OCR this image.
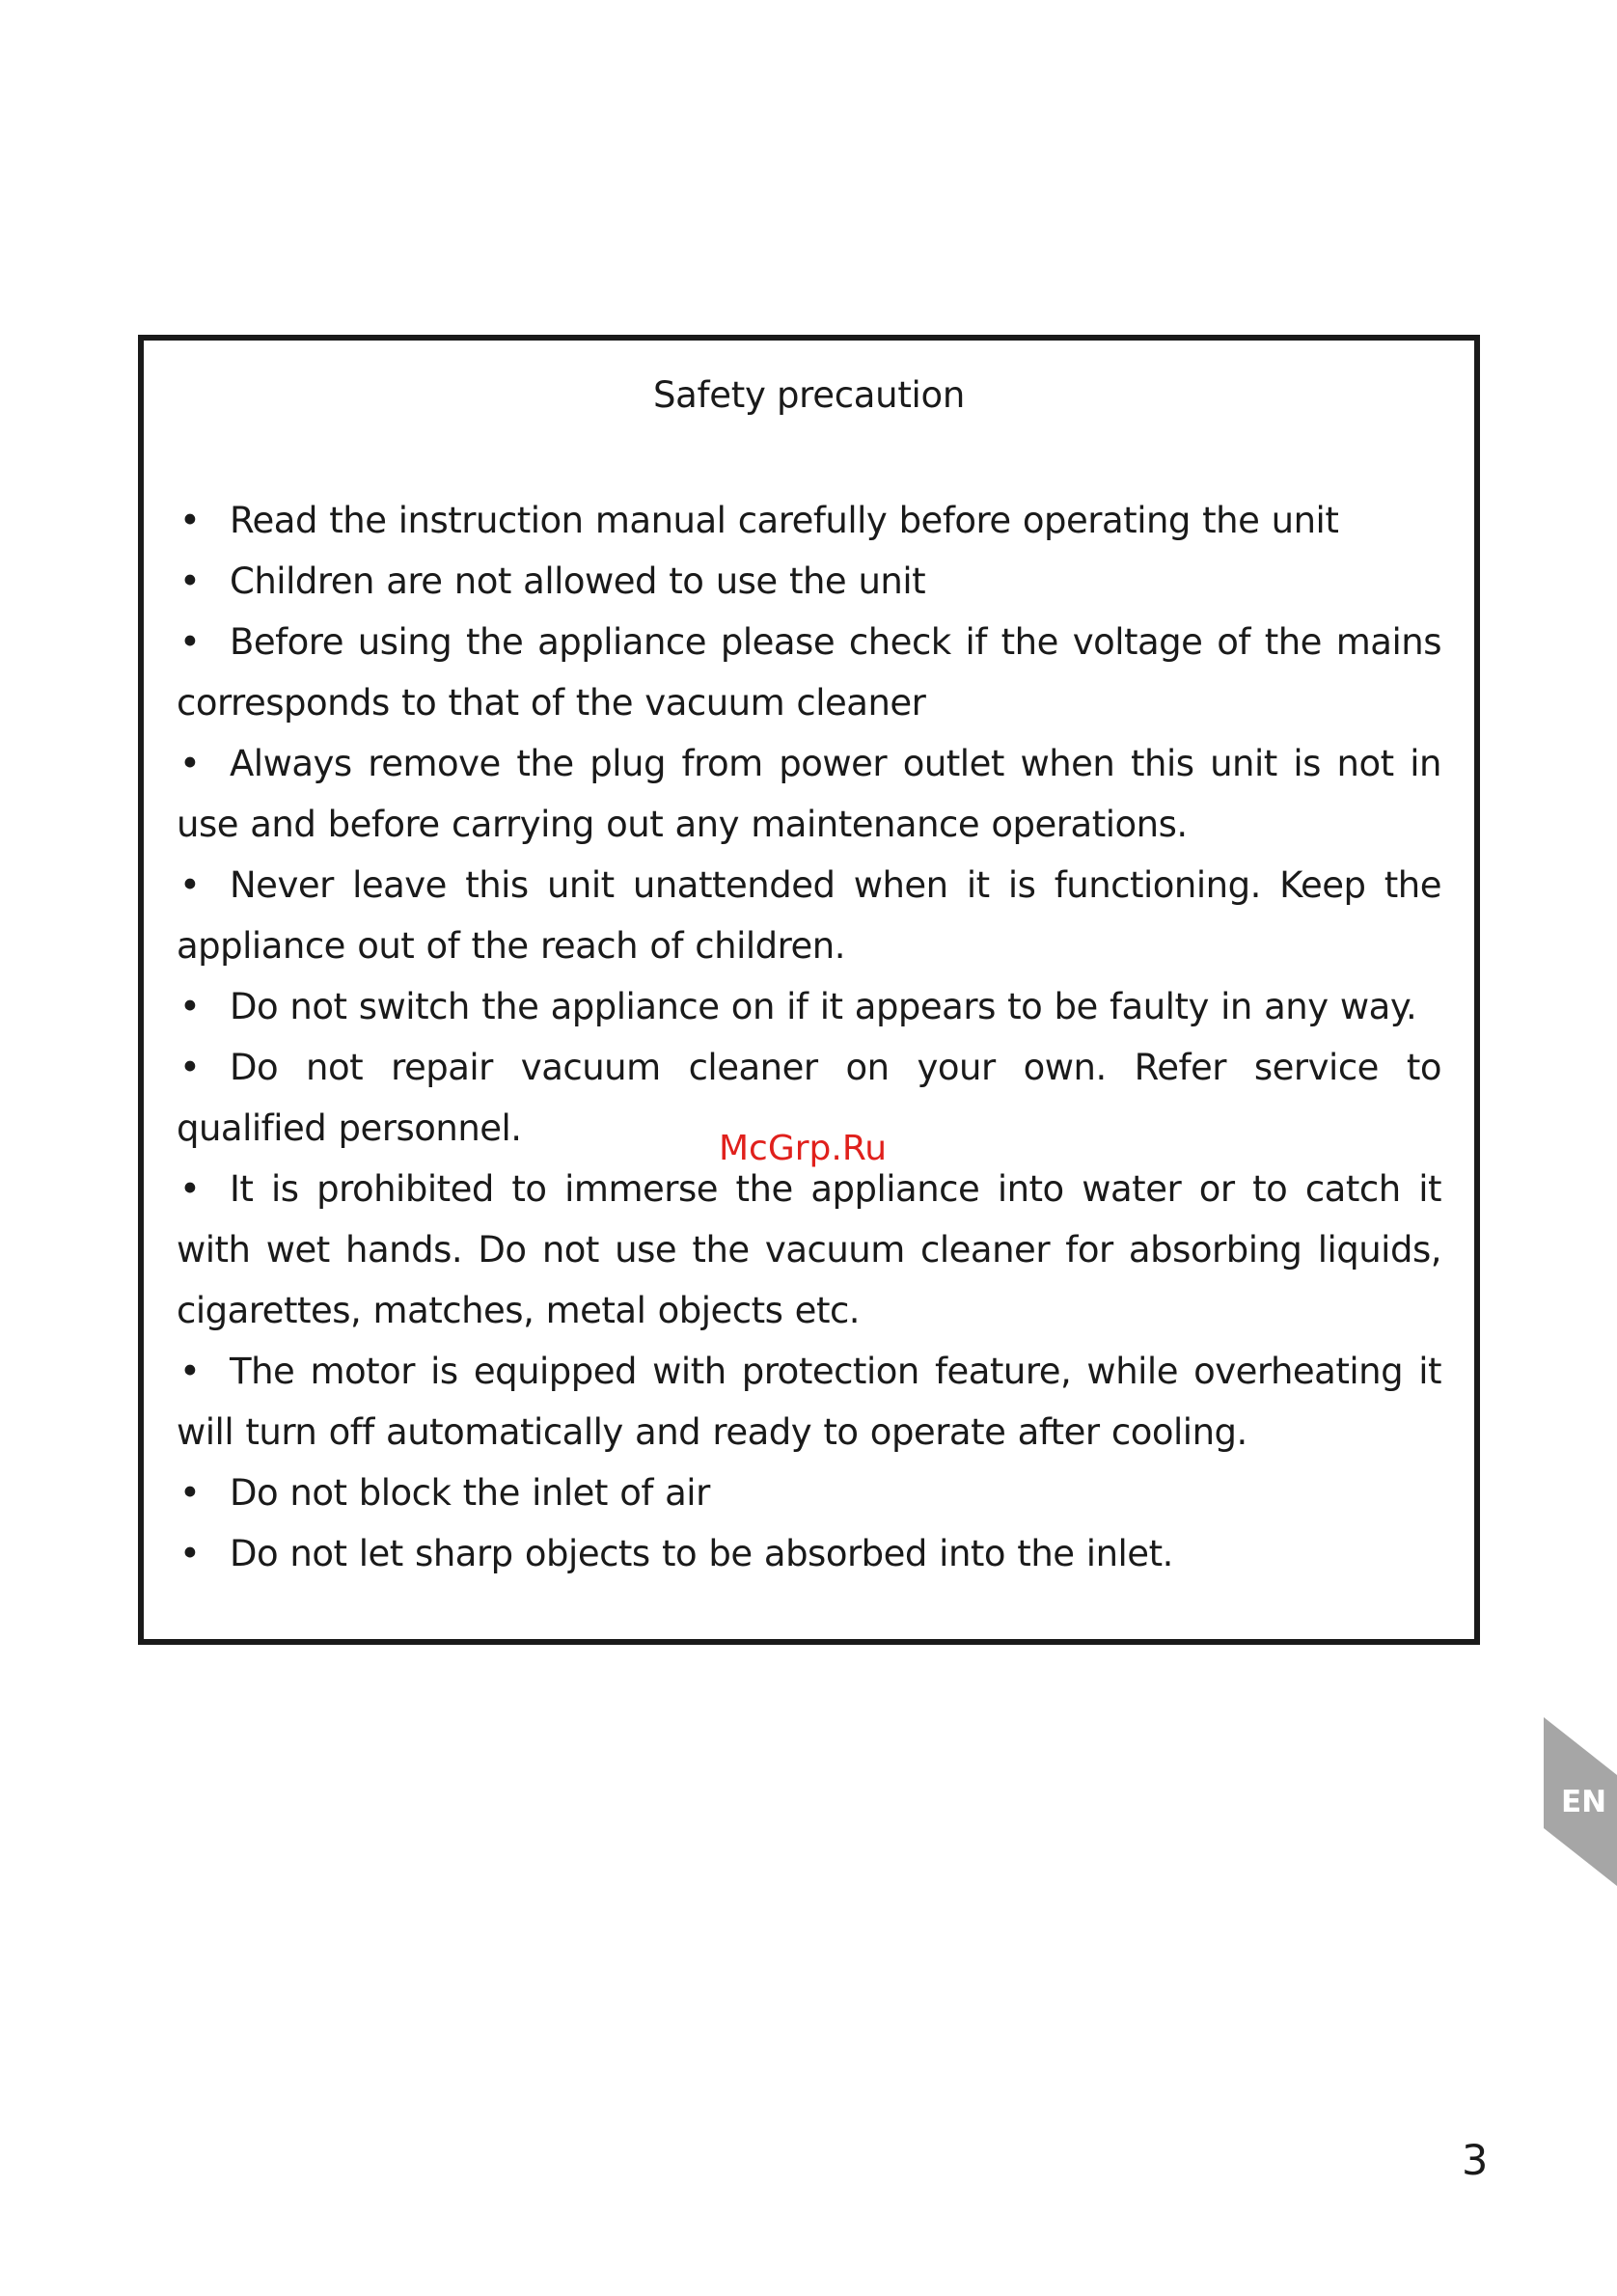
Safety precaution
• Read the instruction manual carefully before operating the unit
• Children are not allowed to use the unit
• Before using the appliance please check if the voltage of the mains corresponds to that of the vacuum cleaner
• Always remove the plug from power outlet when this unit is not in use and before carrying out any maintenance operations.
• Never leave this unit unattended when it is functioning. Keep the appliance out of the reach of children.
• Do not switch the appliance on if it appears to be faulty in any way.
• Do not repair vacuum cleaner on your own. Refer service to qualified personnel.
• It is prohibited to immerse the appliance into water or to catch it with wet hands. Do not use the vacuum cleaner for absorbing liquids, cigarettes, matches, metal objects etc.
• The motor is equipped with protection feature, while overheating it will turn off automatically and ready to operate after cooling.
• Do not block the inlet of air
• Do not let sharp objects to be absorbed into the inlet.
McGrp.Ru
EN
3
